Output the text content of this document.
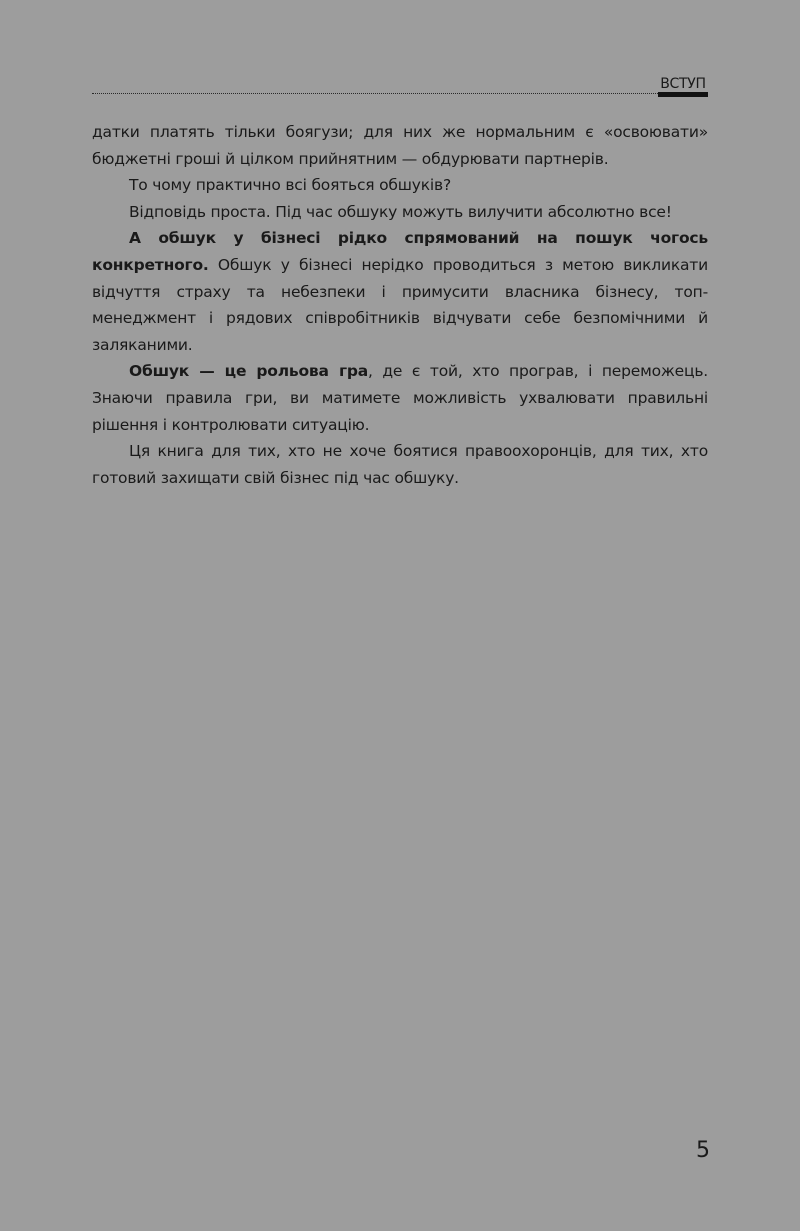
ВСТУП

датки платять тільки боягузи; для них же нормальним є «освоювати» бюджетні гроші й цілком прийнятним — обдурювати партнерів.

То чому практично всі бояться обшуків?

Відповідь проста. Під час обшуку можуть вилучити абсолютно все!

А обшук у бізнесі рідко спрямований на пошук чогось конкретного. Обшук у бізнесі нерідко проводиться з метою викликати відчуття страху та небезпеки і примусити власника бізнесу, топ-менеджмент і рядових співробітників відчувати себе безпомічними й заляканими.

Обшук — це рольова гра, де є той, хто програв, і переможець. Знаючи правила гри, ви матимете можливість ухвалювати правильні рішення і контролювати ситуацію.

Ця книга для тих, хто не хоче боятися правоохоронців, для тих, хто готовий захищати свій бізнес під час обшуку.

5
